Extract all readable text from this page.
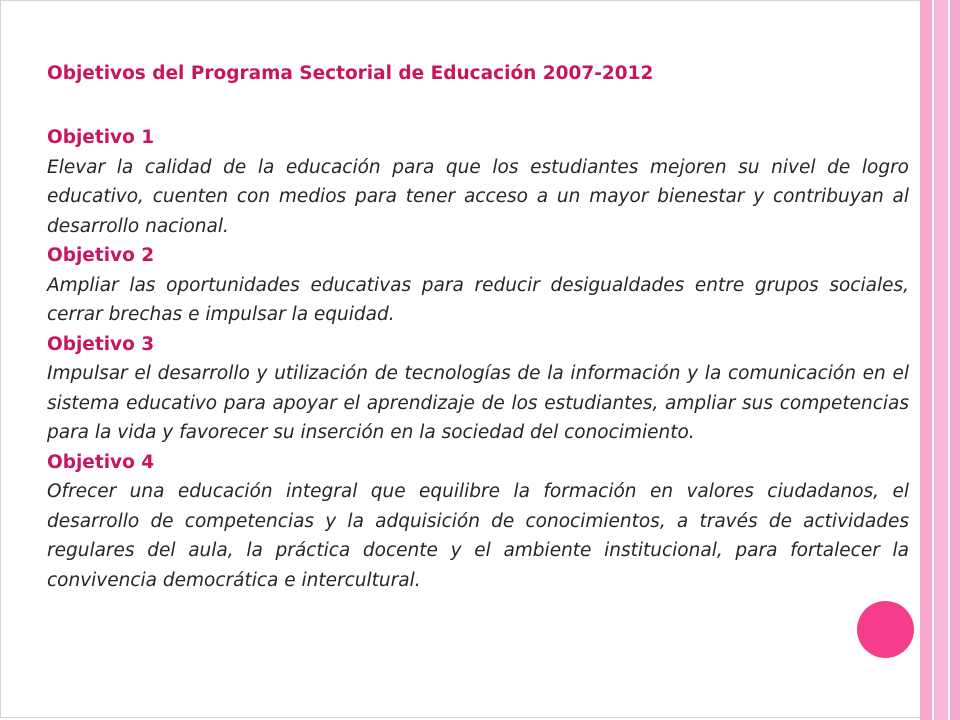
Objetivos del Programa Sectorial de Educación 2007-2012
Objetivo 1
Elevar la calidad de la educación para que los estudiantes mejoren su nivel de logro educativo, cuenten con medios para tener acceso a un mayor bienestar y contribuyan al desarrollo nacional.
Objetivo 2
Ampliar las oportunidades educativas para reducir desigualdades entre grupos sociales, cerrar brechas e impulsar la equidad.
Objetivo 3
Impulsar el desarrollo y utilización de tecnologías de la información y la comunicación en el sistema educativo para apoyar el aprendizaje de los estudiantes, ampliar sus competencias para la vida y favorecer su inserción en la sociedad del conocimiento.
Objetivo 4
Ofrecer una educación integral que equilibre la formación en valores ciudadanos, el desarrollo de competencias y la adquisición de conocimientos, a través de actividades regulares del aula, la práctica docente y el ambiente institucional, para fortalecer la convivencia democrática e intercultural.
